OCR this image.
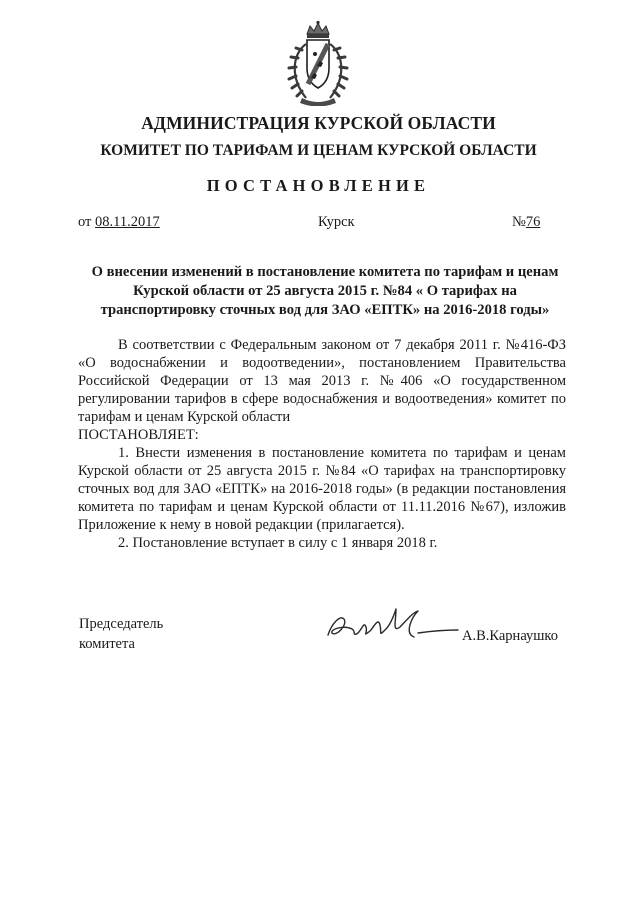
АДМИНИСТРАЦИЯ КУРСКОЙ ОБЛАСТИ
КОМИТЕТ ПО ТАРИФАМ И ЦЕНАМ КУРСКОЙ ОБЛАСТИ
ПОСТАНОВЛЕНИЕ
от 08.11.2017	Курск	№76
О внесении изменений в постановление комитета по тарифам и ценам
Курской области от 25 августа 2015 г. №84 « О тарифах на
транспортировку сточных вод для ЗАО «ЕПТК» на 2016-2018 годы»

В соответствии с Федеральным законом от 7 декабря 2011 г. №416-ФЗ «О водоснабжении и водоотведении», постановлением Правительства Российской Федерации от 13 мая 2013 г. №406 «О государственном регулировании тарифов в сфере водоснабжения и водоотведения» комитет по тарифам и ценам Курской области

ПОСТАНОВЛЯЕТ:

1. Внести изменения в постановление комитета по тарифам и ценам Курской области от 25 августа 2015 г. №84 «О тарифах на транспортировку сточных вод для ЗАО «ЕПТК» на 2016-2018 годы» (в редакции постановления комитета по тарифам и ценам Курской области от 11.11.2016 №67), изложив Приложение к нему в новой редакции (прилагается).

2. Постановление вступает в силу с 1 января 2018 г.

Председатель
комитета	А.В.Карнаушко
